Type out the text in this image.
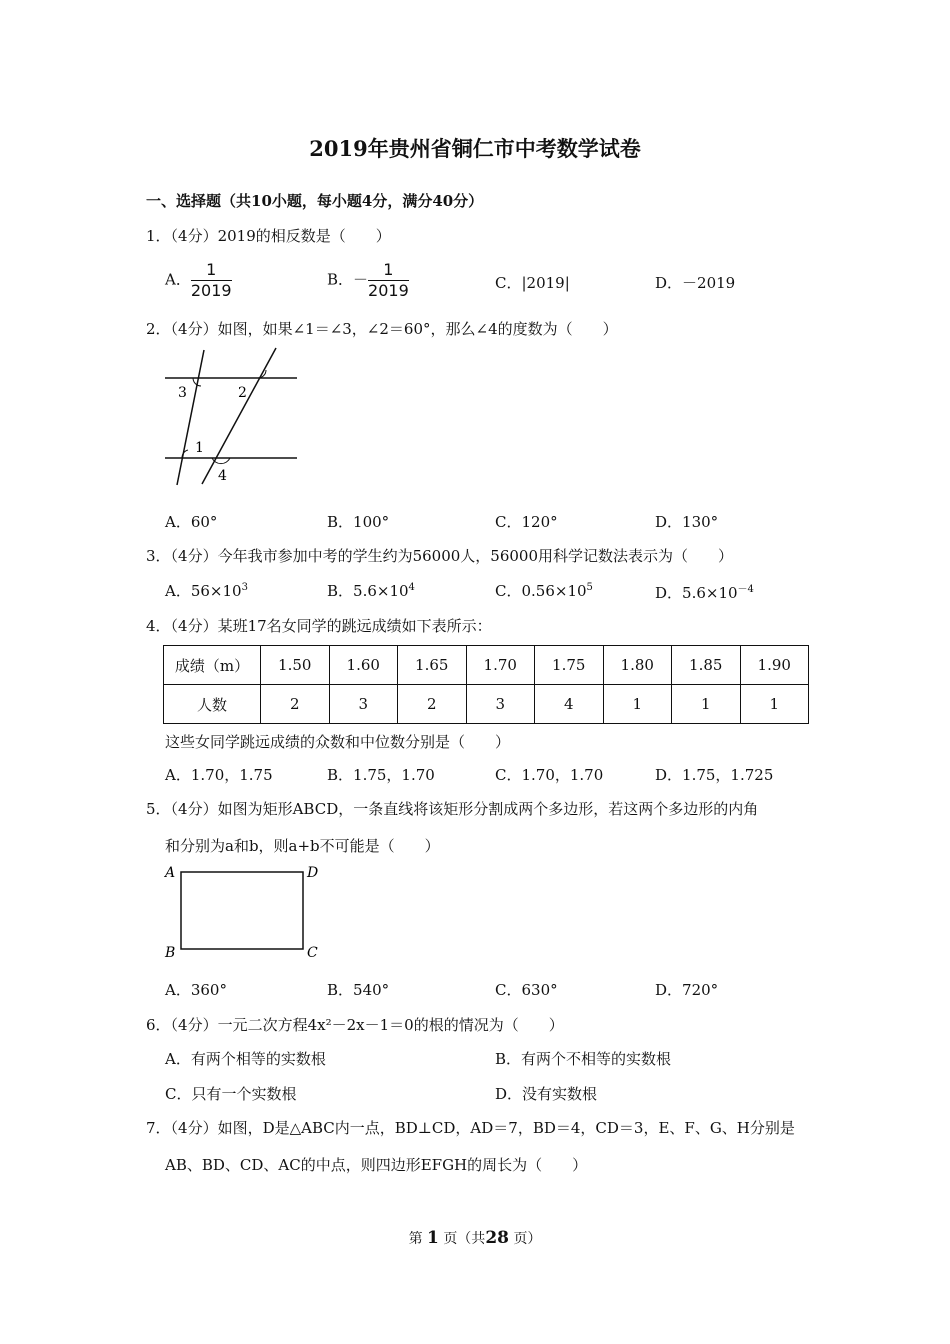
2019年贵州省铜仁市中考数学试卷
一、选择题（共10小题，每小题4分，满分40分）
1．（4分）2019的相反数是（　　）
A． $\frac{1}{2019}$	B．－ $\frac{1}{2019}$	C．|2019|	D．－2019
2．（4分）如图，如果∠1＝∠3，∠2＝60°，那么∠4的度数为（　　）
3	2
1
4
A．60°	B．100°	C．120°	D．130°
3．（4分）今年我市参加中考的学生约为56000人，56000用科学记数法表示为（　　）
A．$56\times 10^3$	B．$5.6\times 10^4$	C．$0.56\times 10^5$	D．$5.6\times 10^{-4}$
4．（4分）某班17名女同学的跳远成绩如下表所示：
成绩（m）	1.50	1.60	1.65	1.70	1.75	1.80	1.85	1.90
人数	2	3	2	3	4	1	1	1
这些女同学跳远成绩的众数和中位数分别是（　　）
A．1.70，1.75	B．1.75，1.70	C．1.70，1.70	D．1.75，1.725
5．（4分）如图为矩形ABCD，一条直线将该矩形分割成两个多边形，若这两个多边形的内角
和分别为a和b，则a+b不可能是（　　）
A	D
B	C
A．360°	B．540°	C．630°	D．720°
6．（4分）一元二次方程4x²－2x－1＝0的根的情况为（　　）
A．有两个相等的实数根	B．有两个不相等的实数根
C．只有一个实数根	D．没有实数根
7．（4分）如图，D是△ABC内一点，BD⊥CD，AD＝7，BD＝4，CD＝3，E、F、G、H分别是
AB、BD、CD、AC的中点，则四边形EFGH的周长为（　　）
第 1 页（共28 页）
